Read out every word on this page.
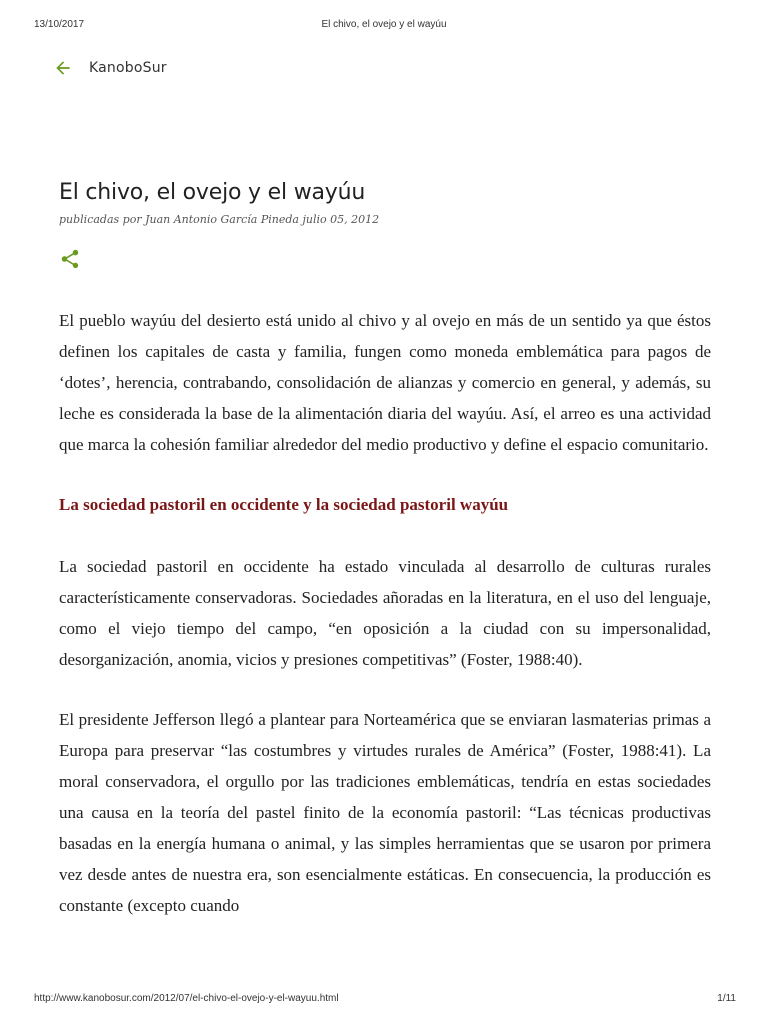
13/10/2017	El chivo, el ovejo y el wayúu
KanoboSur
El chivo, el ovejo y el wayúu
publicadas por Juan Antonio García Pineda julio 05, 2012

El pueblo wayúu del desierto está unido al chivo y al ovejo en más de un sentido ya que éstos definen los capitales de casta y familia, fungen como moneda emblemática para pagos de ‘dotes’, herencia, contrabando, consolidación de alianzas y comercio en general, y además, su leche es considerada la base de la alimentación diaria del wayúu. Así, el arreo es una actividad que marca la cohesión familiar alrededor del medio productivo y define el espacio comunitario.

La sociedad pastoril en occidente y la sociedad pastoril wayúu

La sociedad pastoril en occidente ha estado vinculada al desarrollo de culturas rurales característicamente conservadoras. Sociedades añoradas en la literatura, en el uso del lenguaje, como el viejo tiempo del campo, “en oposición a la ciudad con su impersonalidad, desorganización, anomia, vicios y presiones competitivas” (Foster, 1988:40).

El presidente Jefferson llegó a plantear para Norteamérica que se enviaran lasmaterias primas a Europa para preservar “las costumbres y virtudes rurales de América” (Foster, 1988:41). La moral conservadora, el orgullo por las tradiciones emblemáticas, tendría en estas sociedades una causa en la teoría del pastel finito de la economía pastoril: “Las técnicas productivas basadas en la energía humana o animal, y las simples herramientas que se usaron por primera vez desde antes de nuestra era, son esencialmente estáticas. En consecuencia, la producción es constante (excepto cuando

http://www.kanobosur.com/2012/07/el-chivo-el-ovejo-y-el-wayuu.html	1/11
